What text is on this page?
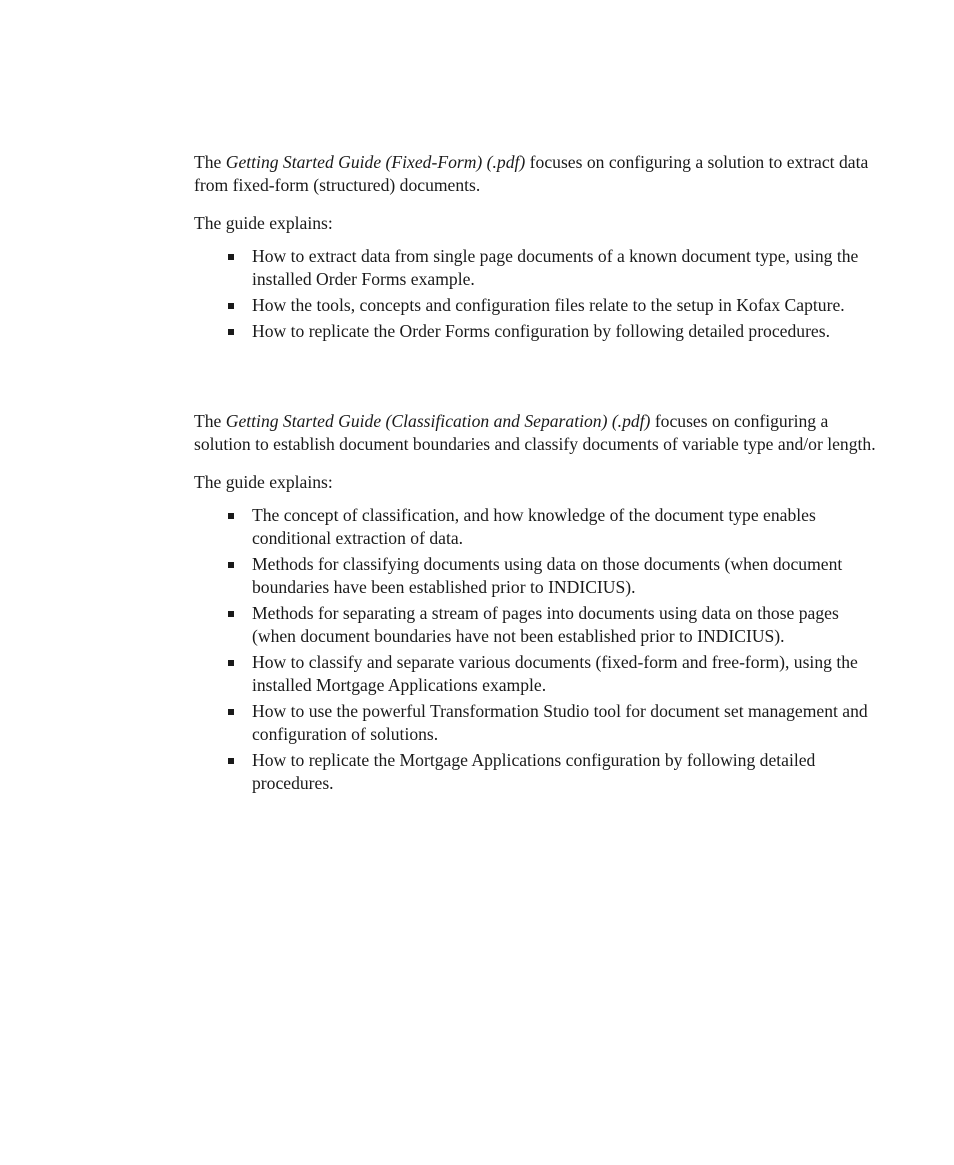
The Getting Started Guide (Fixed-Form) (.pdf) focuses on configuring a solution to extract data from fixed-form (structured) documents.

The guide explains:

How to extract data from single page documents of a known document type, using the installed Order Forms example.
How the tools, concepts and configuration files relate to the setup in Kofax Capture.
How to replicate the Order Forms configuration by following detailed procedures.

The Getting Started Guide (Classification and Separation) (.pdf) focuses on configuring a solution to establish document boundaries and classify documents of variable type and/or length.

The guide explains:

The concept of classification, and how knowledge of the document type enables conditional extraction of data.
Methods for classifying documents using data on those documents (when document boundaries have been established prior to INDICIUS).
Methods for separating a stream of pages into documents using data on those pages (when document boundaries have not been established prior to INDICIUS).
How to classify and separate various documents (fixed-form and free-form), using the installed Mortgage Applications example.
How to use the powerful Transformation Studio tool for document set management and configuration of solutions.
How to replicate the Mortgage Applications configuration by following detailed procedures.
